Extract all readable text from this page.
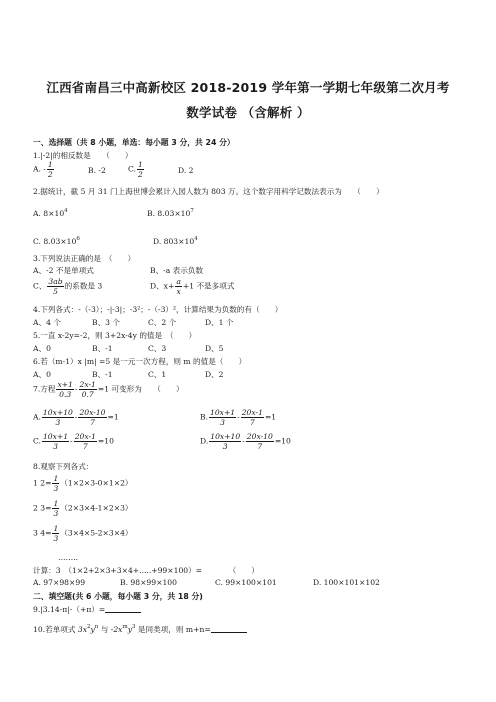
江西省南昌三中高新校区 2018-2019 学年第一学期七年级第二次月考
数学试卷 （含解析 ）
一、选择题（共 8 小题，单选：每小题 3 分，共 24 分）
1.|-2|的相反数是　　（　　）
A. - $\frac{1}{2}$	B. -2	C. $\frac{1}{2}$	D. 2
2.据统计，截 5 月 31 门上海世博会累计入园人数为 803 万。这个数字用科学记数法表示为　　（　　）
A. $8\times 10^4$	B. $8.03\times 10^7$
C. $8.03\times 10^6$	D. $803\times 10^4$
3.下列说法正确的是　（　　）
A、-2 不是单项式	B、-a 表示负数
C、 $\frac{3ab}{5}$ 的系数是 3	D、$x+ \frac{a}{x} +1$ 不是多项式
4.下列各式：-（-3）；-|-3|；-3²；-（-3）²，计算结果为负数的有（　　）
A、4 个	B、3 个	C、2 个	D、1 个
5.一直 x-2y=-2，则 3+2x-4y 的值是　（　　）
A、0	B、-1	C、3	D、5
6.若（m-1）x |m| =5 是一元一次方程，则 m 的值是（　　）
A、0	B、-1	C、1	D、2
7.方程 $\frac{x+1}{0.3} - \frac{2x-1}{0.7} =1$ 可变形为　　（　　）
A. $\frac{10x+10}{3} - \frac{20x-10}{7} =1$	B. $\frac{10x+1}{3} - \frac{20x-1}{7} =1$
C. $\frac{10x+1}{3} - \frac{20x-1}{7} =10$	D. $\frac{10x+10}{3} - \frac{20x-10}{7} =10$
8.观察下列各式：
1 $2= \frac{1}{3} (1\times 2\times 3-0\times 1\times 2)$
2 $3= \frac{1}{3} (2\times 3\times 4-1\times 2\times 3)$
3 $4= \frac{1}{3} (3\times 4\times 5-2\times 3\times 4)$
……..
计算：3　（1×2+2×3+3×4+.....+99×100）=　　　　（　　）
A. 97×98×99	B. 98×99×100	C. 99×100×101	D. 100×101×102
二、填空题(共 6 小题，每小题 3 分，共 18 分)
9.|3.14-π|-（+π）=
10.若单项式 $3x^2y^n$ 与 $-2x^my^3$ 是同类项，则 m+n=
